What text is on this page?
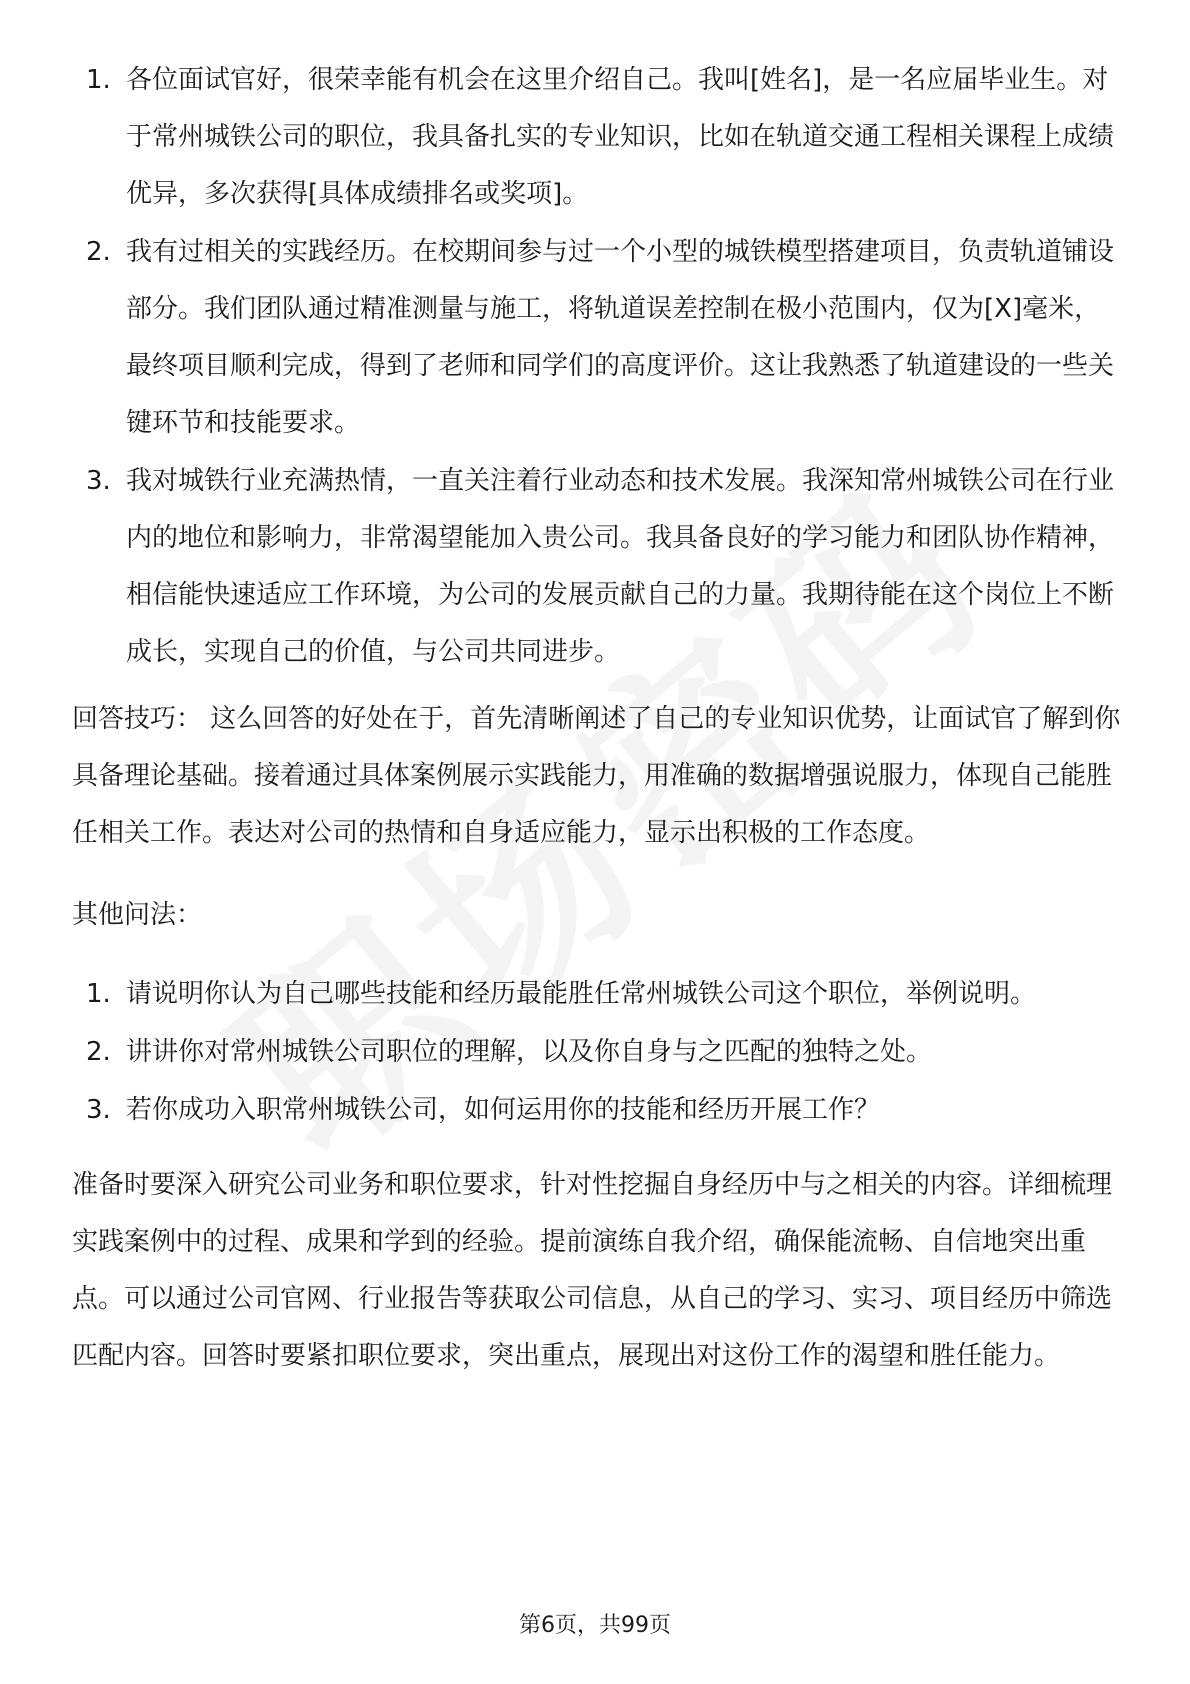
1. 各位面试官好，很荣幸能有机会在这里介绍自己。我叫[姓名]，是一名应届毕业生。对于常州城铁公司的职位，我具备扎实的专业知识，比如在轨道交通工程相关课程上成绩优异，多次获得[具体成绩排名或奖项]。
2. 我有过相关的实践经历。在校期间参与过一个小型的城铁模型搭建项目，负责轨道铺设部分。我们团队通过精准测量与施工，将轨道误差控制在极小范围内，仅为[X]毫米，最终项目顺利完成，得到了老师和同学们的高度评价。这让我熟悉了轨道建设的一些关键环节和技能要求。
3. 我对城铁行业充满热情，一直关注着行业动态和技术发展。我深知常州城铁公司在行业内的地位和影响力，非常渴望能加入贵公司。我具备良好的学习能力和团队协作精神，相信能快速适应工作环境，为公司的发展贡献自己的力量。我期待能在这个岗位上不断成长，实现自己的价值，与公司共同进步。

回答技巧： 这么回答的好处在于，首先清晰阐述了自己的专业知识优势，让面试官了解到你具备理论基础。接着通过具体案例展示实践能力，用准确的数据增强说服力，体现自己能胜任相关工作。表达对公司的热情和自身适应能力，显示出积极的工作态度。

其他问法：

1. 请说明你认为自己哪些技能和经历最能胜任常州城铁公司这个职位，举例说明。
2. 讲讲你对常州城铁公司职位的理解，以及你自身与之匹配的独特之处。
3. 若你成功入职常州城铁公司，如何运用你的技能和经历开展工作？

准备时要深入研究公司业务和职位要求，针对性挖掘自身经历中与之相关的内容。详细梳理实践案例中的过程、成果和学到的经验。提前演练自我介绍，确保能流畅、自信地突出重点。可以通过公司官网、行业报告等获取公司信息，从自己的学习、实习、项目经历中筛选匹配内容。回答时要紧扣职位要求，突出重点，展现出对这份工作的渴望和胜任能力。

第6页，共99页
